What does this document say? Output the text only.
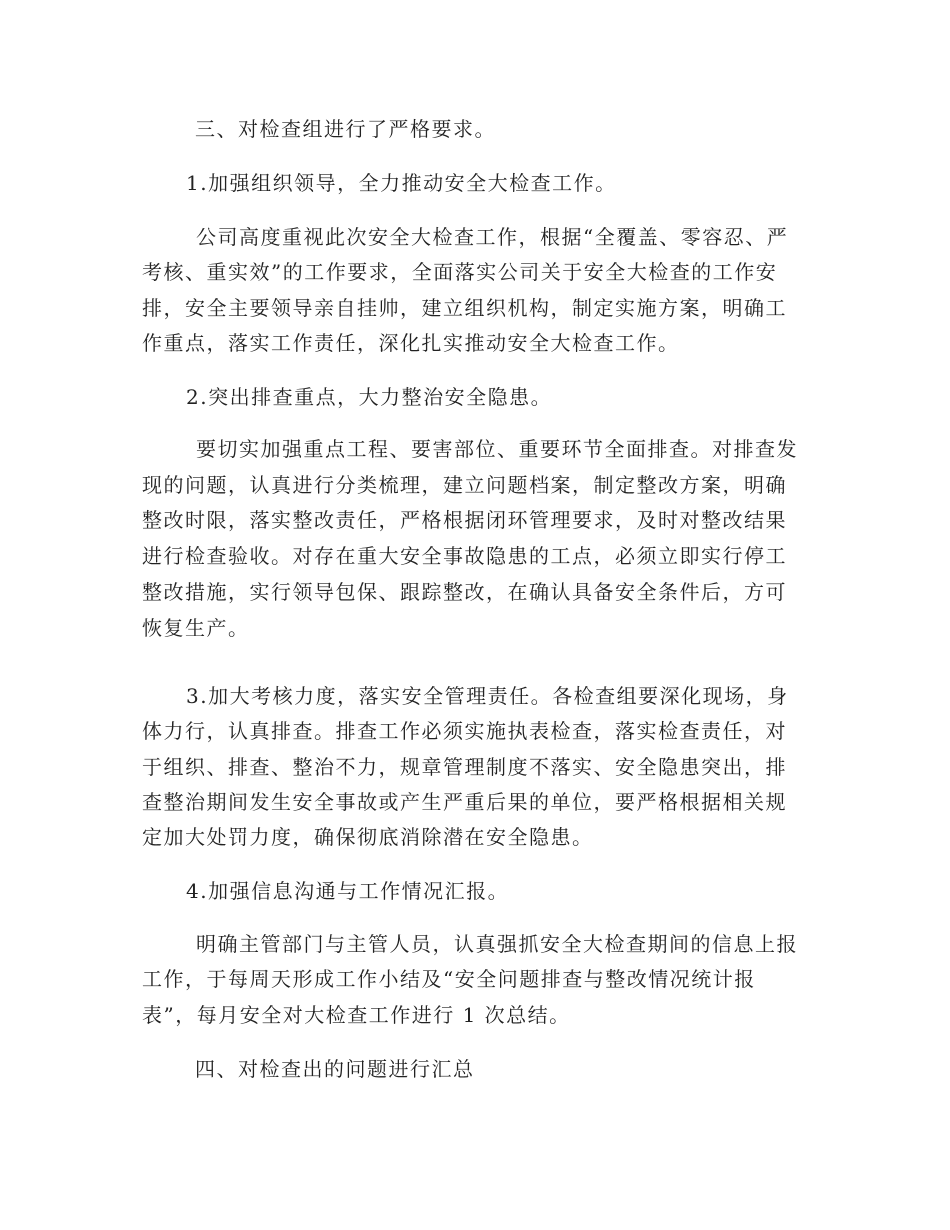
三、对检查组进行了严格要求。
1.加强组织领导，全力推动安全大检查工作。
公司高度重视此次安全大检查工作，根据“全覆盖、零容忍、严
考核、重实效”的工作要求，全面落实公司关于安全大检查的工作安
排，安全主要领导亲自挂帅，建立组织机构，制定实施方案，明确工
作重点，落实工作责任，深化扎实推动安全大检查工作。
2.突出排查重点，大力整治安全隐患。
要切实加强重点工程、要害部位、重要环节全面排查。对排查发
现的问题，认真进行分类梳理，建立问题档案，制定整改方案，明确
整改时限，落实整改责任，严格根据闭环管理要求，及时对整改结果
进行检查验收。对存在重大安全事故隐患的工点，必须立即实行停工
整改措施，实行领导包保、跟踪整改，在确认具备安全条件后，方可
恢复生产。
3.加大考核力度，落实安全管理责任。各检查组要深化现场，身
体力行，认真排查。排查工作必须实施执表检查，落实检查责任，对
于组织、排查、整治不力，规章管理制度不落实、安全隐患突出，排
查整治期间发生安全事故或产生严重后果的单位，要严格根据相关规
定加大处罚力度，确保彻底消除潜在安全隐患。
4.加强信息沟通与工作情况汇报。
明确主管部门与主管人员，认真强抓安全大检查期间的信息上报
工作，于每周天形成工作小结及“安全问题排查与整改情况统计报
表”，每月安全对大检查工作进行 1 次总结。
四、对检查出的问题进行汇总
